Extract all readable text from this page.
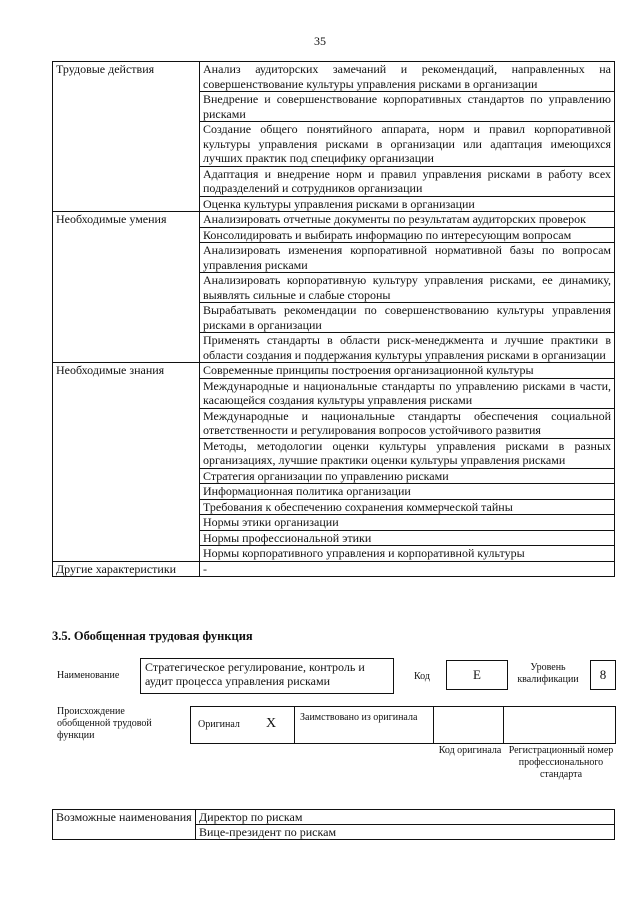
35
Трудовые действия	Анализ аудиторских замечаний и рекомендаций, направленных на совершенствование культуры управления рисками в организации
	Внедрение и совершенствование корпоративных стандартов по управлению рисками
	Создание общего понятийного аппарата, норм и правил корпоративной культуры управления рисками в организации или адаптация имеющихся лучших практик под специфику организации
	Адаптация и внедрение норм и правил управления рисками в работу всех подразделений и сотрудников организации
	Оценка культуры управления рисками в организации
Необходимые умения	Анализировать отчетные документы по результатам аудиторских проверок
	Консолидировать и выбирать информацию по интересующим вопросам
	Анализировать изменения корпоративной нормативной базы по вопросам управления рисками
	Анализировать корпоративную культуру управления рисками, ее динамику, выявлять сильные и слабые стороны
	Вырабатывать рекомендации по совершенствованию культуры управления рисками в организации
	Применять стандарты в области риск-менеджмента и лучшие практики в области создания и поддержания культуры управления рисками в организации
Необходимые знания	Современные принципы построения организационной культуры
	Международные и национальные стандарты по управлению рисками в части, касающейся создания культуры управления рисками
	Международные и национальные стандарты обеспечения социальной ответственности и регулирования вопросов устойчивого развития
	Методы, методологии оценки культуры управления рисками в разных организациях, лучшие практики оценки культуры управления рисками
	Стратегия организации по управлению рисками
	Информационная политика организации
	Требования к обеспечению сохранения коммерческой тайны
	Нормы этики организации
	Нормы профессиональной этики
	Нормы корпоративного управления и корпоративной культуры
Другие характеристики	-
3.5. Обобщенная трудовая функция
Наименование
Стратегическое регулирование, контроль и аудит процесса управления рисками	Код	E	Уровень квалификации	8
Происхождение обобщенной трудовой функции
Оригинал X Заимствовано из оригинала
Код оригинала Регистрационный номер профессионального стандарта
Возможные наименования	Директор по рискам
Вице-президент по рискам
